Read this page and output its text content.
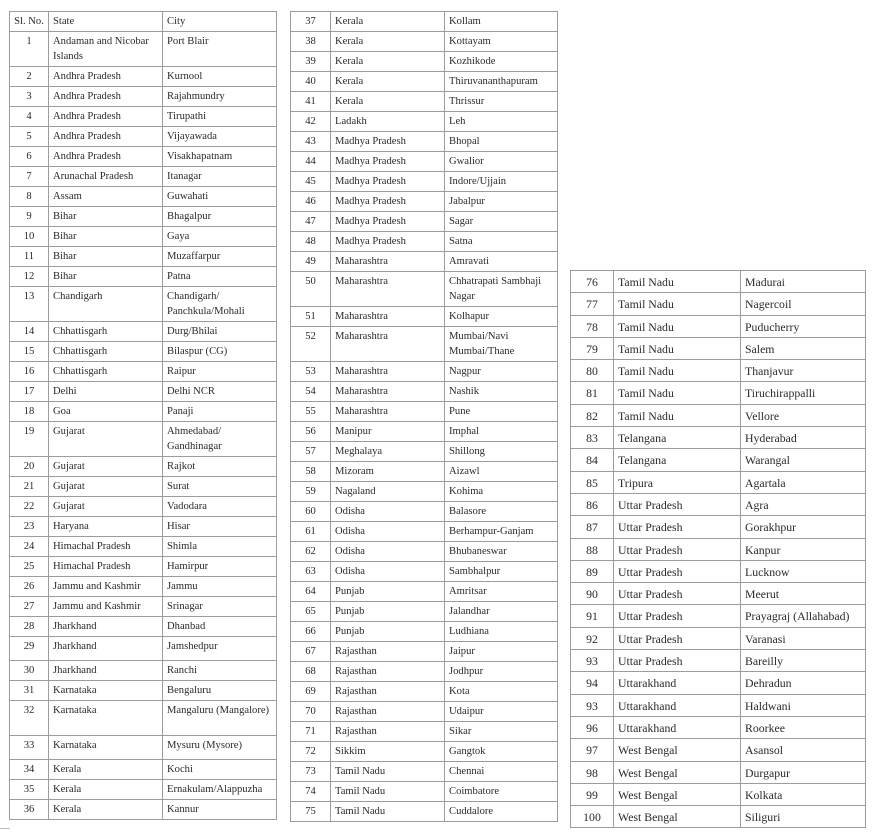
Sl. No.	State	City
1	Andaman and Nicobar Islands	Port Blair
2	Andhra Pradesh	Kurnool
3	Andhra Pradesh	Rajahmundry
4	Andhra Pradesh	Tirupathi
5	Andhra Pradesh	Vijayawada
6	Andhra Pradesh	Visakhapatnam
7	Arunachal Pradesh	Itanagar
8	Assam	Guwahati
9	Bihar	Bhagalpur
10	Bihar	Gaya
11	Bihar	Muzaffarpur
12	Bihar	Patna
13	Chandigarh	Chandigarh/ Panchkula/Mohali
14	Chhattisgarh	Durg/Bhilai
15	Chhattisgarh	Bilaspur (CG)
16	Chhattisgarh	Raipur
17	Delhi	Delhi NCR
18	Goa	Panaji
19	Gujarat	Ahmedabad/ Gandhinagar
20	Gujarat	Rajkot
21	Gujarat	Surat
22	Gujarat	Vadodara
23	Haryana	Hisar
24	Himachal Pradesh	Shimla
25	Himachal Pradesh	Hamirpur
26	Jammu and Kashmir	Jammu
27	Jammu and Kashmir	Srinagar
28	Jharkhand	Dhanbad
29	Jharkhand	Jamshedpur
30	Jharkhand	Ranchi
31	Karnataka	Bengaluru
32	Karnataka	Mangaluru (Mangalore)
33	Karnataka	Mysuru (Mysore)
34	Kerala	Kochi
35	Kerala	Ernakulam/Alappuzha
36	Kerala	Kannur
37	Kerala	Kollam
38	Kerala	Kottayam
39	Kerala	Kozhikode
40	Kerala	Thiruvananthapuram
41	Kerala	Thrissur
42	Ladakh	Leh
43	Madhya Pradesh	Bhopal
44	Madhya Pradesh	Gwalior
45	Madhya Pradesh	Indore/Ujjain
46	Madhya Pradesh	Jabalpur
47	Madhya Pradesh	Sagar
48	Madhya Pradesh	Satna
49	Maharashtra	Amravati
50	Maharashtra	Chhatrapati Sambhaji Nagar
51	Maharashtra	Kolhapur
52	Maharashtra	Mumbai/Navi Mumbai/Thane
53	Maharashtra	Nagpur
54	Maharashtra	Nashik
55	Maharashtra	Pune
56	Manipur	Imphal
57	Meghalaya	Shillong
58	Mizoram	Aizawl
59	Nagaland	Kohima
60	Odisha	Balasore
61	Odisha	Berhampur-Ganjam
62	Odisha	Bhubaneswar
63	Odisha	Sambhalpur
64	Punjab	Amritsar
65	Punjab	Jalandhar
66	Punjab	Ludhiana
67	Rajasthan	Jaipur
68	Rajasthan	Jodhpur
69	Rajasthan	Kota
70	Rajasthan	Udaipur
71	Rajasthan	Sikar
72	Sikkim	Gangtok
73	Tamil Nadu	Chennai
74	Tamil Nadu	Coimbatore
75	Tamil Nadu	Cuddalore
76	Tamil Nadu	Madurai
77	Tamil Nadu	Nagercoil
78	Tamil Nadu	Puducherry
79	Tamil Nadu	Salem
80	Tamil Nadu	Thanjavur
81	Tamil Nadu	Tiruchirappalli
82	Tamil Nadu	Vellore
83	Telangana	Hyderabad
84	Telangana	Warangal
85	Tripura	Agartala
86	Uttar Pradesh	Agra
87	Uttar Pradesh	Gorakhpur
88	Uttar Pradesh	Kanpur
89	Uttar Pradesh	Lucknow
90	Uttar Pradesh	Meerut
91	Uttar Pradesh	Prayagraj (Allahabad)
92	Uttar Pradesh	Varanasi
93	Uttar Pradesh	Bareilly
94	Uttarakhand	Dehradun
93	Uttarakhand	Haldwani
96	Uttarakhand	Roorkee
97	West Bengal	Asansol
98	West Bengal	Durgapur
99	West Bengal	Kolkata
100	West Bengal	Siliguri
